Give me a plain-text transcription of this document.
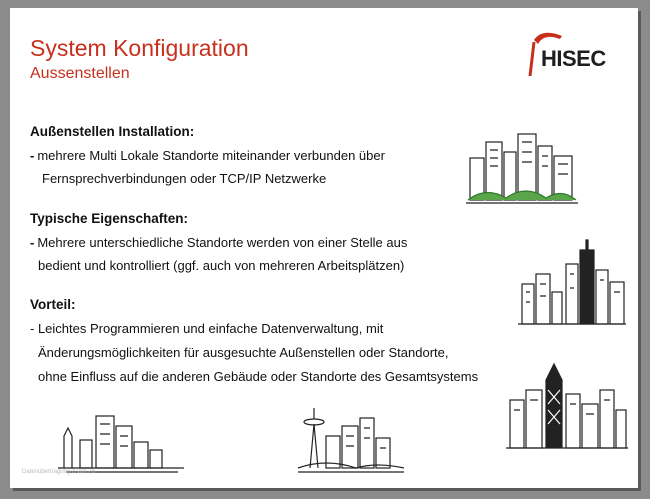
System Konfiguration
Aussenstellen
HISEC
Außenstellen Installation:
- mehrere Multi Lokale Standorte miteinander verbunden über
Fernsprechverbindungen oder TCP/IP Netzwerke
Typische Eigenschaften:
- Mehrere unterschiedliche Standorte werden von einer Stelle aus
bedient und kontrolliert (ggf. auch von mehreren Arbeitsplätzen)
Vorteil:
- Leichtes Programmieren und einfache Datenverwaltung, mit
Änderungsmöglichkeiten für ausgesuchte Außenstellen oder Standorte,
ohne Einfluss auf die anderen Gebäude oder Standorte des Gesamtsystems
Datenübertragung 3 von 26
